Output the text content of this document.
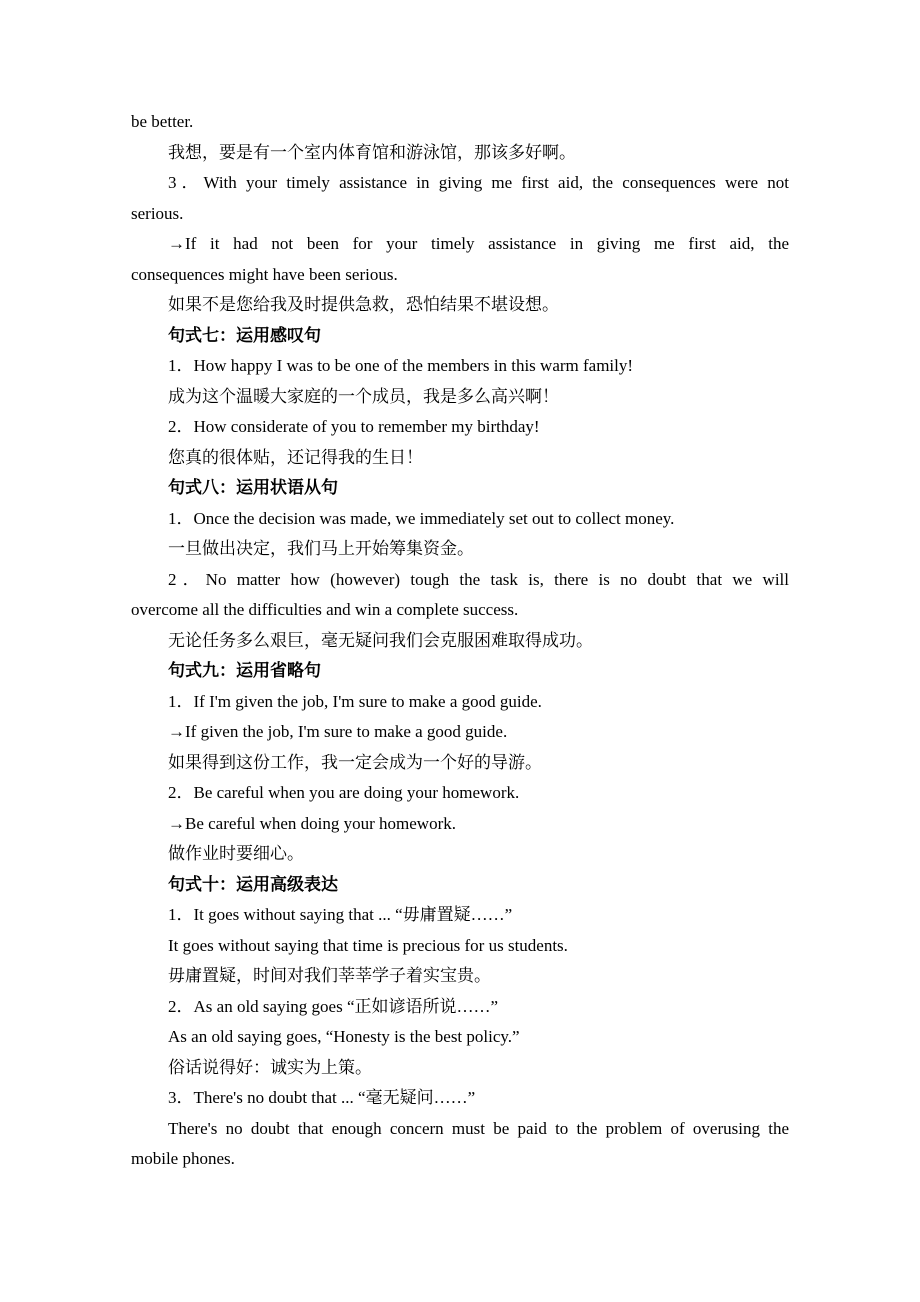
be better.
我想，要是有一个室内体育馆和游泳馆，那该多好啊。
3．With your timely assistance in giving me first aid, the consequences were not
serious.
→If it had not been for your timely assistance in giving me first aid, the
consequences might have been serious.
如果不是您给我及时提供急救，恐怕结果不堪设想。
句式七：运用感叹句
1．How happy I was to be one of the members in this warm family!
成为这个温暖大家庭的一个成员，我是多么高兴啊！
2．How considerate of you to remember my birthday!
您真的很体贴，还记得我的生日！
句式八：运用状语从句
1．Once the decision was made, we immediately set out to collect money.
一旦做出决定，我们马上开始筹集资金。
2．No matter how (however) tough the task is, there is no doubt that we will
overcome all the difficulties and win a complete success.
无论任务多么艰巨，毫无疑问我们会克服困难取得成功。
句式九：运用省略句
1．If I'm given the job, I'm sure to make a good guide.
→If given the job, I'm sure to make a good guide.
如果得到这份工作，我一定会成为一个好的导游。
2．Be careful when you are doing your homework.
→Be careful when doing your homework.
做作业时要细心。
句式十：运用高级表达
1．It goes without saying that ... “毋庸置疑……”
It goes without saying that time is precious for us students.
毋庸置疑，时间对我们莘莘学子着实宝贵。
2．As an old saying goes “正如谚语所说……”
As an old saying goes, “Honesty is the best policy.”
俗话说得好：诚实为上策。
3．There's no doubt that ... “毫无疑问……”
There's no doubt that enough concern must be paid to the problem of overusing the
mobile phones.
